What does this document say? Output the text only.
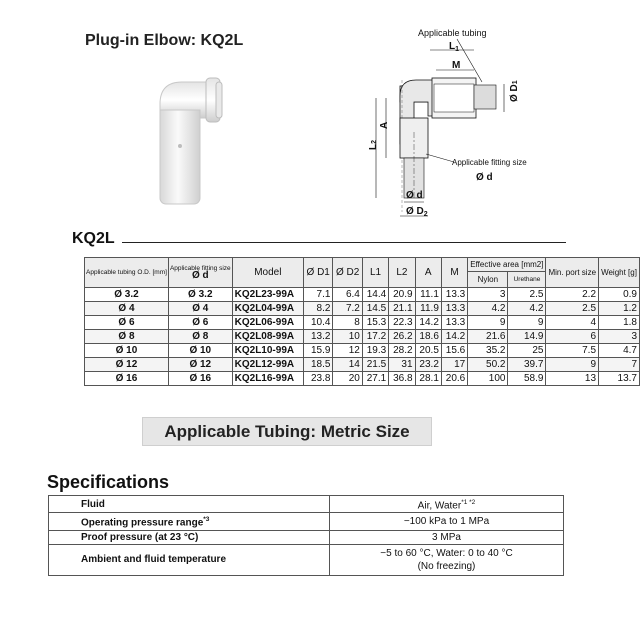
Plug-in Elbow: KQ2L	Applicable tubing
$L_1$
M
Ø D1
A
L2
Applicable fitting size
Ø d
Ø d
Ø $D_2$
KQ2L
Applicable tubing O.D. [mm]	Applicable fitting size
Ø d	Model	Ø D1	Ø D2	L1	L2	A	M	Effective area [mm2]		Min. port size	Weight [g]
									Nylon	Urethane		
Ø 3.2	Ø 3.2	KQ2L23-99A	7.1	6.4	14.4	20.9	11.1	13.3	3	2.5	2.2	0.9
Ø 4	Ø 4	KQ2L04-99A	8.2	7.2	14.5	21.1	11.9	13.3	4.2	4.2	2.5	1.2
Ø 6	Ø 6	KQ2L06-99A	10.4	8	15.3	22.3	14.2	13.3	9	9	4	1.8
Ø 8	Ø 8	KQ2L08-99A	13.2	10	17.2	26.2	18.6	14.2	21.6	14.9	6	3
Ø 10	Ø 10	KQ2L10-99A	15.9	12	19.3	28.2	20.5	15.6	35.2	25	7.5	4.7
Ø 12	Ø 12	KQ2L12-99A	18.5	14	21.5	31	23.2	17	50.2	39.7	9	7
Ø 16	Ø 16	KQ2L16-99A	23.8	20	27.1	36.8	28.1	20.6	100	58.9	13	13.7
Applicable Tubing: Metric Size
Specifications
Fluid	Air, Water$^{*1 *2}$
Operating pressure range$^{*3}$	−100 kPa to 1 MPa
Proof pressure (at 23 °C)	3 MPa
Ambient and fluid temperature	−5 to 60 °C, Water: 0 to 40 °C
(No freezing)
